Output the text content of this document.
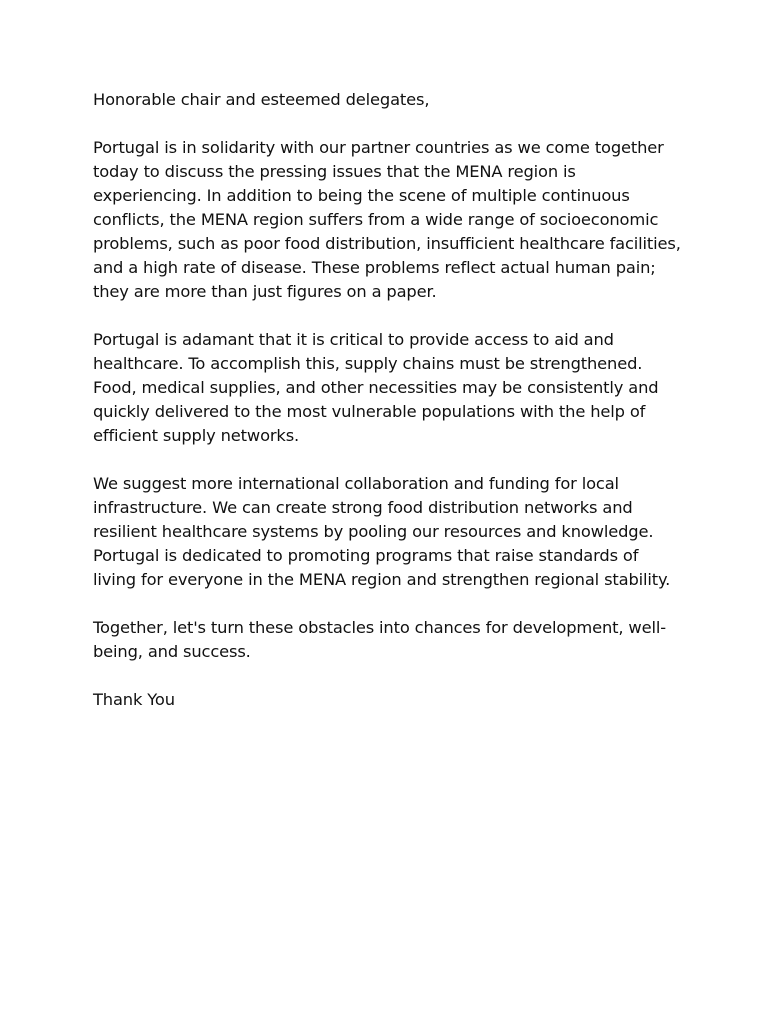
Honorable chair and esteemed delegates,

Portugal is in solidarity with our partner countries as we come together today to discuss the pressing issues that the MENA region is experiencing. In addition to being the scene of multiple continuous conflicts, the MENA region suffers from a wide range of socioeconomic problems, such as poor food distribution, insufficient healthcare facilities, and a high rate of disease. These problems reflect actual human pain; they are more than just figures on a paper.

Portugal is adamant that it is critical to provide access to aid and healthcare. To accomplish this, supply chains must be strengthened. Food, medical supplies, and other necessities may be consistently and quickly delivered to the most vulnerable populations with the help of efficient supply networks.

We suggest more international collaboration and funding for local infrastructure. We can create strong food distribution networks and resilient healthcare systems by pooling our resources and knowledge. Portugal is dedicated to promoting programs that raise standards of living for everyone in the MENA region and strengthen regional stability.

Together, let's turn these obstacles into chances for development, well-being, and success.

Thank You
